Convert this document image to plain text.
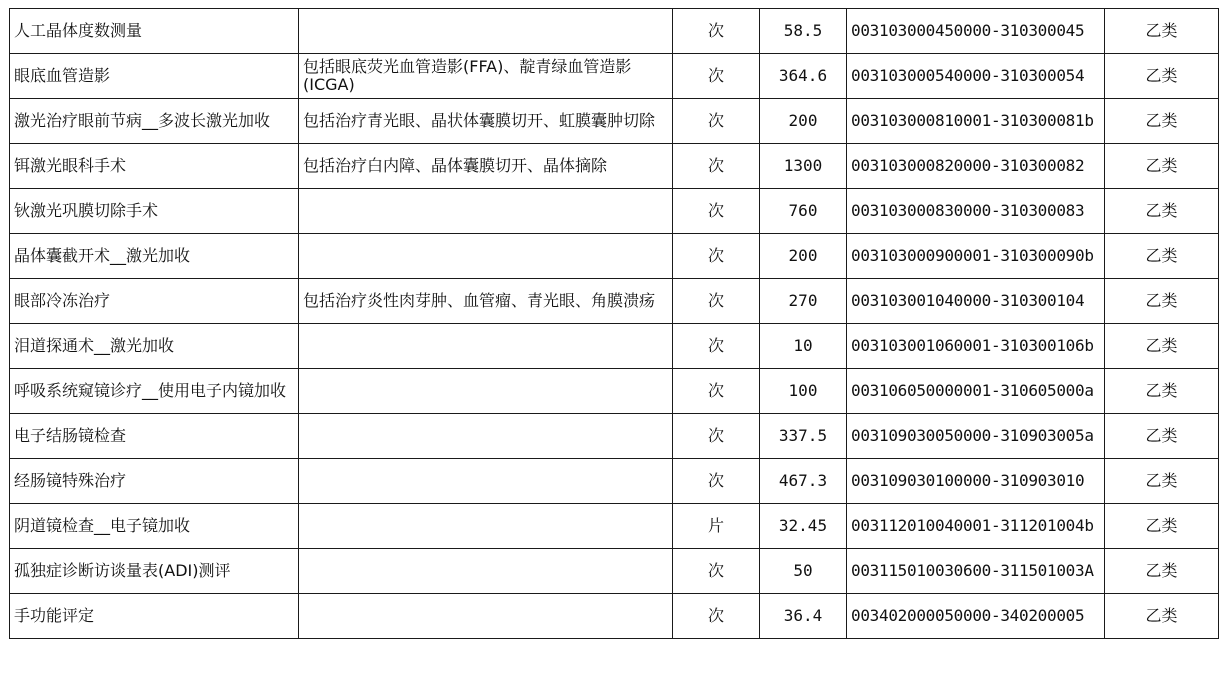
人工晶体度数测量		次	58.5	003103000450000-310300045	乙类
眼底血管造影	包括眼底荧光血管造影(FFA)、靛青绿血管造影(ICGA)	次	364.6	003103000540000-310300054	乙类
激光治疗眼前节病__多波长激光加收	包括治疗青光眼、晶状体囊膜切开、虹膜囊肿切除	次	200	003103000810001-310300081b	乙类
铒激光眼科手术	包括治疗白内障、晶体囊膜切开、晶体摘除	次	1300	003103000820000-310300082	乙类
钬激光巩膜切除手术		次	760	003103000830000-310300083	乙类
晶体囊截开术__激光加收		次	200	003103000900001-310300090b	乙类
眼部冷冻治疗	包括治疗炎性肉芽肿、血管瘤、青光眼、角膜溃疡	次	270	003103001040000-310300104	乙类
泪道探通术__激光加收		次	10	003103001060001-310300106b	乙类
呼吸系统窥镜诊疗__使用电子内镜加收		次	100	003106050000001-310605000a	乙类
电子结肠镜检查		次	337.5	003109030050000-310903005a	乙类
经肠镜特殊治疗		次	467.3	003109030100000-310903010	乙类
阴道镜检查__电子镜加收		片	32.45	003112010040001-311201004b	乙类
孤独症诊断访谈量表(ADI)测评		次	50	003115010030600-311501003A	乙类
手功能评定		次	36.4	003402000050000-340200005	乙类
